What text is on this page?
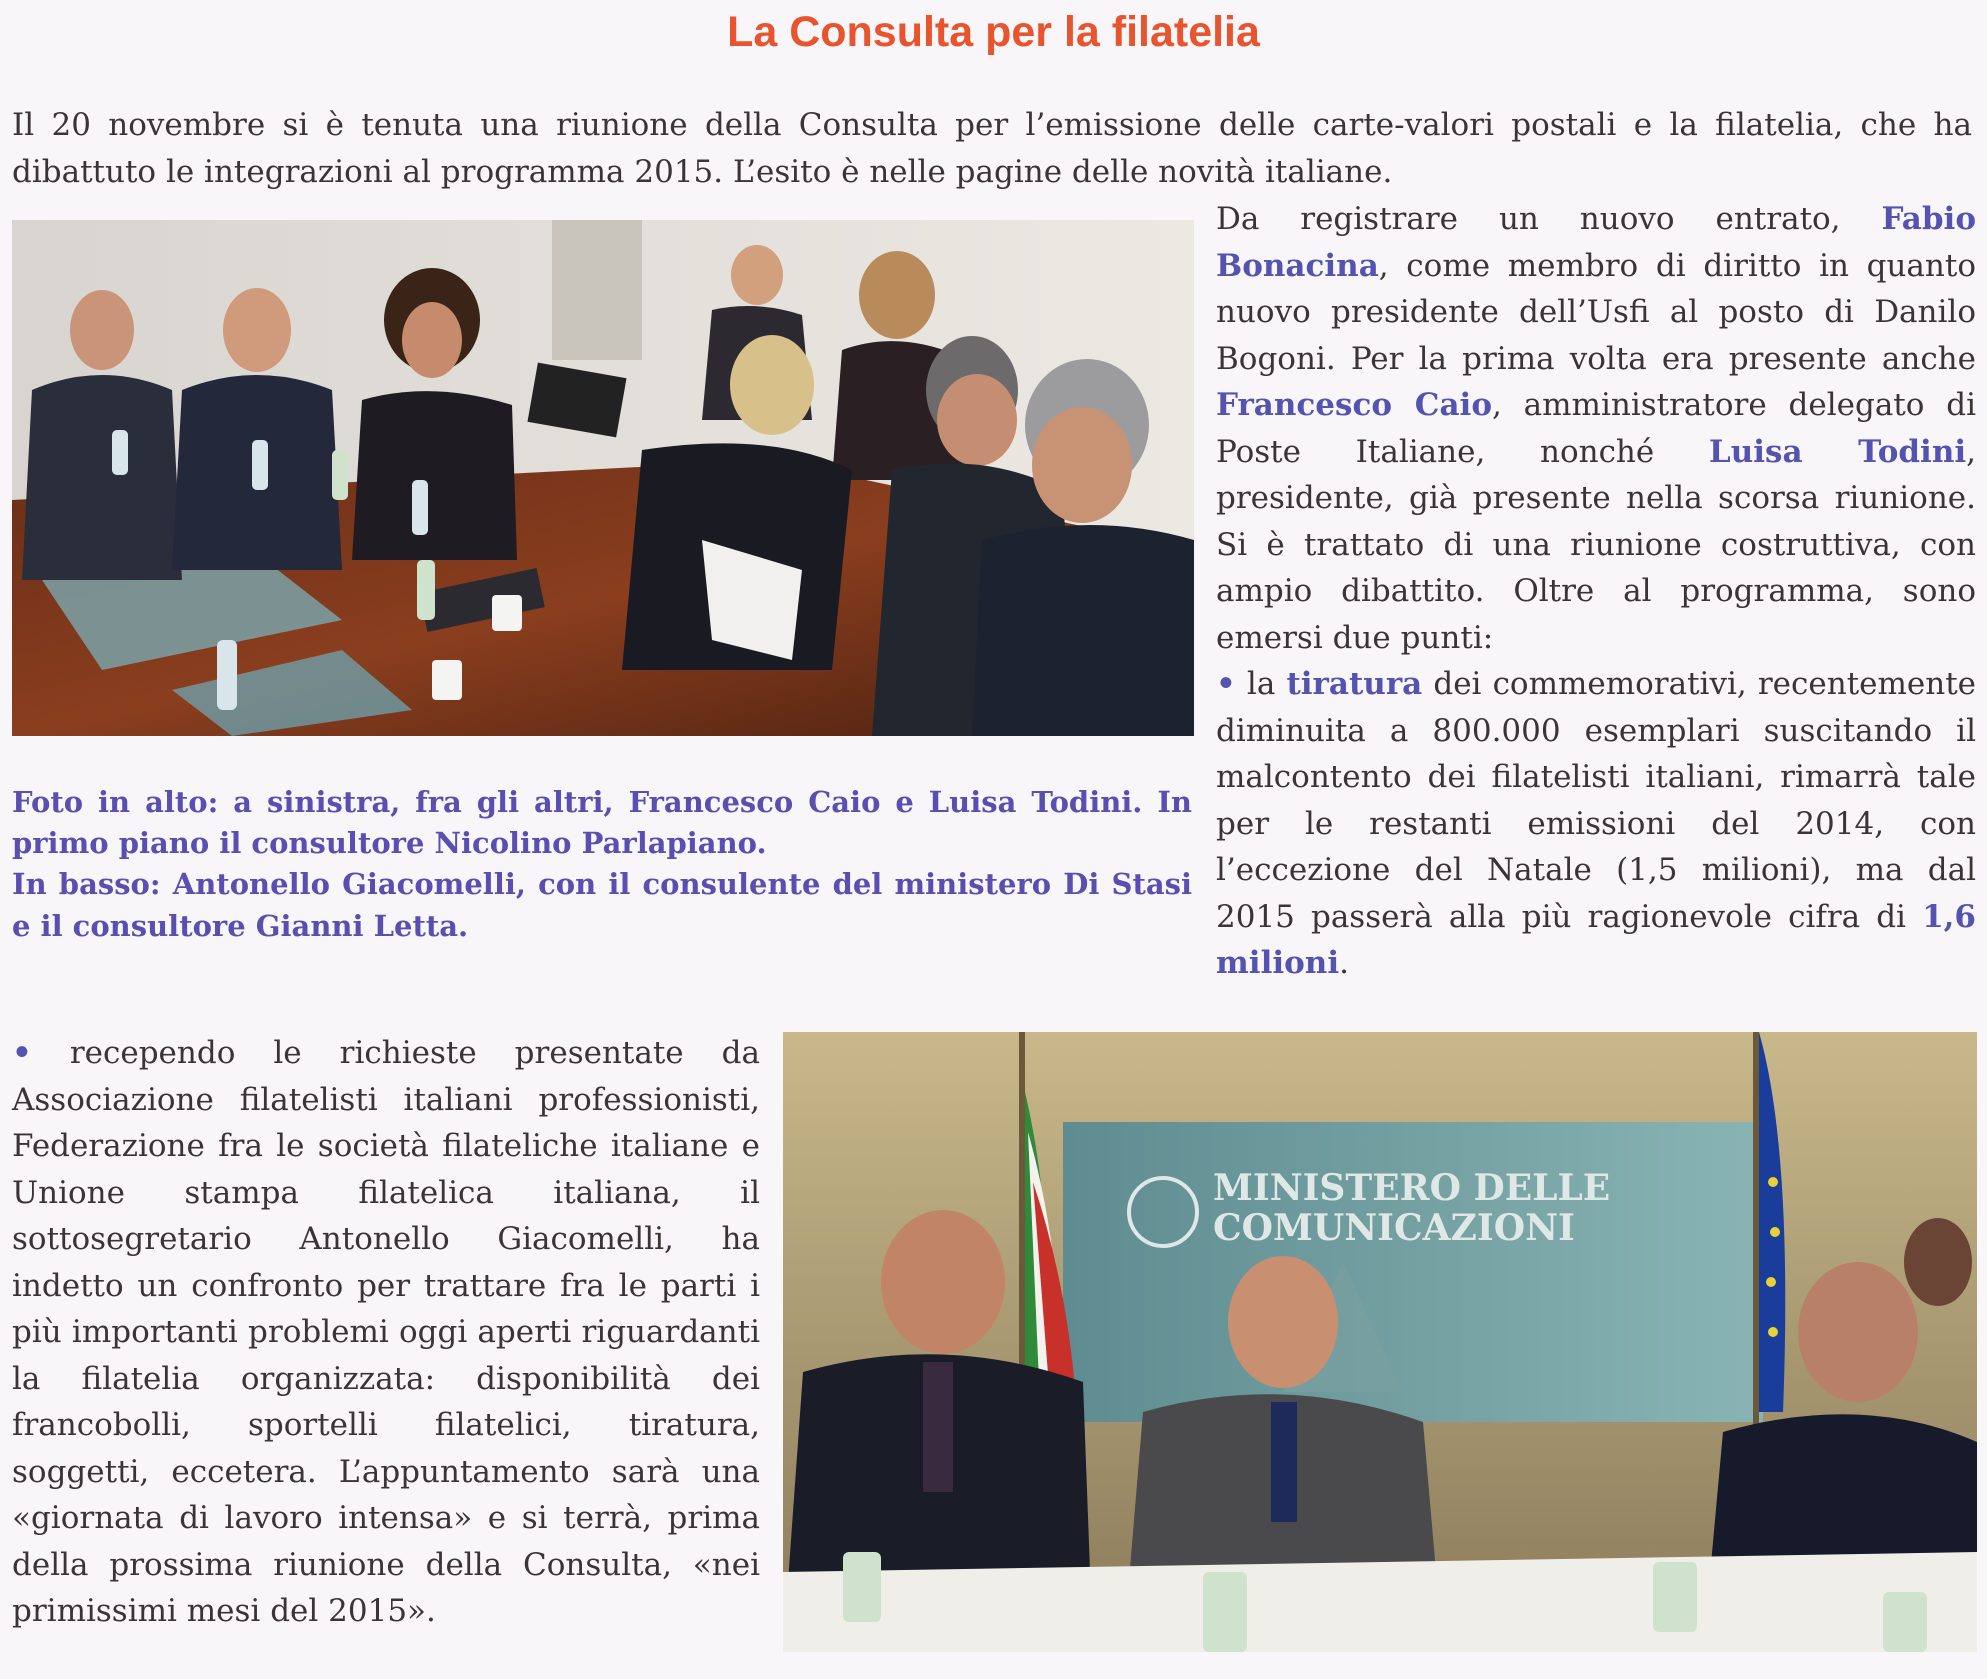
La Consulta per la filatelia

Il 20 novembre si è tenuta una riunione della Consulta per l’emissione delle carte-valori postali e la filatelia, che ha dibattuto le integrazioni al programma 2015. L’esito è nelle pagine delle novità italiane.

Da registrare un nuovo entrato, Fabio Bonacina, come membro di diritto in quanto nuovo presidente dell’Usfi al posto di Danilo Bogoni. Per la prima volta era presente anche Francesco Caio, amministratore delegato di Poste Italiane, nonché Luisa Todini, presidente, già presente nella scorsa riunione. Si è trattato di una riunione costruttiva, con ampio dibattito. Oltre al programma, sono emersi due punti:

• la tiratura dei commemorativi, recentemente diminuita a 800.000 esemplari suscitando il malcontento dei filatelisti italiani, rimarrà tale per le restanti emissioni del 2014, con l’eccezione del Natale (1,5 milioni), ma dal 2015 passerà alla più ragionevole cifra di 1,6 milioni.

Foto in alto: a sinistra, fra gli altri, Francesco Caio e Luisa Todini. In primo piano il consultore Nicolino Parlapiano.
In basso: Antonello Giacomelli, con il consulente del ministero Di Stasi e il consultore Gianni Letta.

• recependo le richieste presentate da Associazione filatelisti italiani professionisti, Federazione fra le società filateliche italiane e Unione stampa filatelica italiana, il sottosegretario Antonello Giacomelli, ha indetto un confronto per trattare fra le parti i più importanti problemi oggi aperti riguardanti la filatelia organizzata: disponibilità dei francobolli, sportelli filatelici, tiratura, soggetti, eccetera. L’appuntamento sarà una «giornata di lavoro intensa» e si terrà, prima della prossima riunione della Consulta, «nei primissimi mesi del 2015».

MINISTERO DELLE
COMUNICAZIONI
